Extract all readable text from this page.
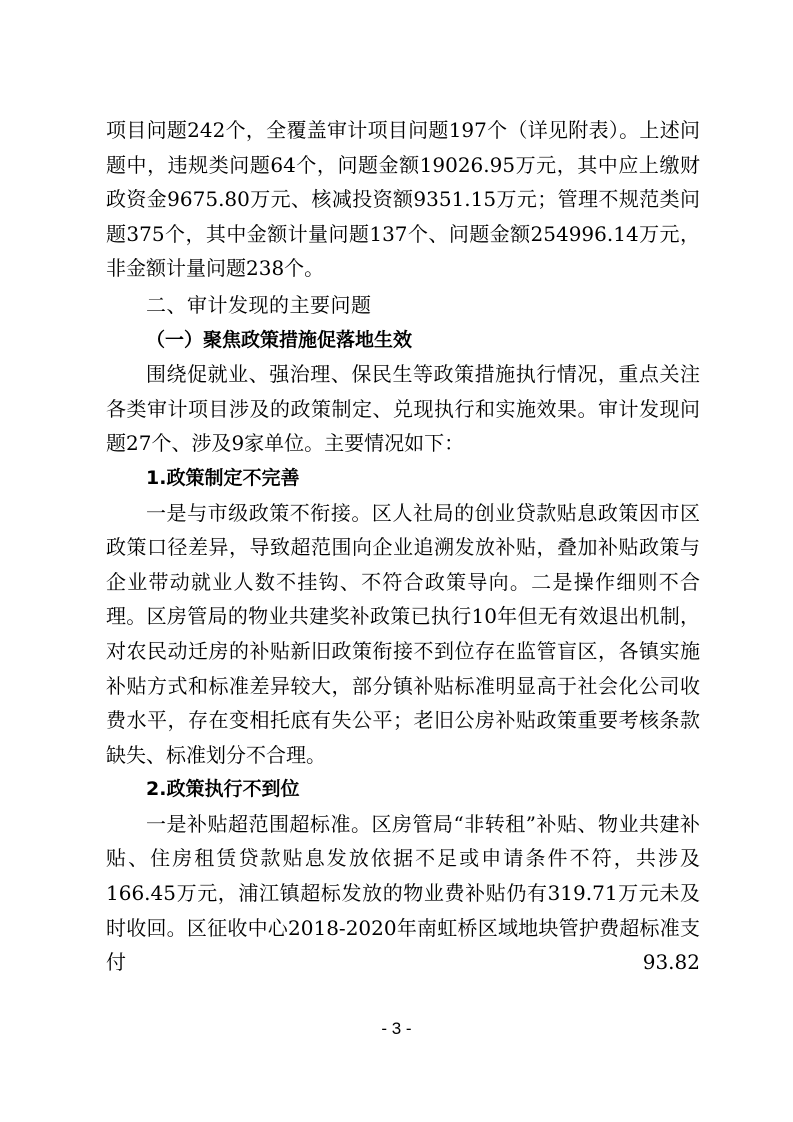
项目问题242个，全覆盖审计项目问题197个（详见附表）。上述问题中，违规类问题64个，问题金额19026.95万元，其中应上缴财政资金9675.80万元、核减投资额9351.15万元；管理不规范类问题375个，其中金额计量问题137个、问题金额254996.14万元，非金额计量问题238个。

二、审计发现的主要问题
（一）聚焦政策措施促落地生效

围绕促就业、强治理、保民生等政策措施执行情况，重点关注各类审计项目涉及的政策制定、兑现执行和实施效果。审计发现问题27个、涉及9家单位。主要情况如下：

1.政策制定不完善

一是与市级政策不衔接。区人社局的创业贷款贴息政策因市区政策口径差异，导致超范围向企业追溯发放补贴，叠加补贴政策与企业带动就业人数不挂钩、不符合政策导向。二是操作细则不合理。区房管局的物业共建奖补政策已执行10年但无有效退出机制，对农民动迁房的补贴新旧政策衔接不到位存在监管盲区，各镇实施补贴方式和标准差异较大，部分镇补贴标准明显高于社会化公司收费水平，存在变相托底有失公平；老旧公房补贴政策重要考核条款缺失、标准划分不合理。

2.政策执行不到位

一是补贴超范围超标准。区房管局“非转租”补贴、物业共建补贴、住房租赁贷款贴息发放依据不足或申请条件不符，共涉及166.45万元，浦江镇超标发放的物业费补贴仍有319.71万元未及时收回。区征收中心2018-2020年南虹桥区域地块管护费超标准支付93.82

- 3 -
